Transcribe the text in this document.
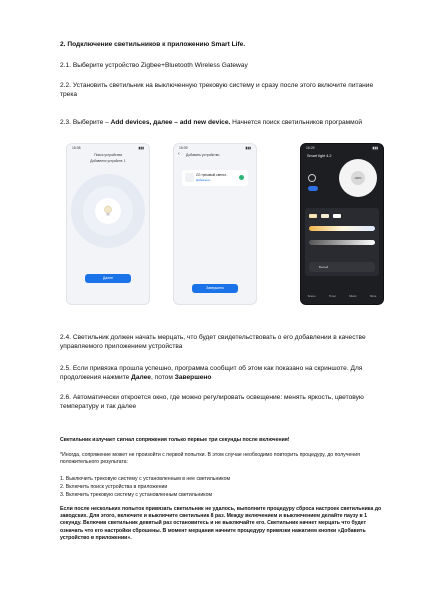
2. Подключение светильников к приложению Smart Life.

2.1. Выберите устройство Zigbee+Bluetooth Wireless Gateway

2.2. Установить светильник на выключенную трековую систему и сразу после этого включите питание трека

2.3. Выберите – Add devices, далее – add new device. Начнется поиск светильников программой

15:08	▮▮▮
Поиск устройства
Добавлено устройств: 1
Далее
15:09	▮▮▮
‹ Добавить устройство
ZG трековый светил..
Добавлено
Завершено
16:25	▮▮▮
Smart light 4.2
100%
Белый
Scene	Timer	Music	More

2.4. Светильник должен начать мерцать, что будет свидетельствовать о его добавлении в качестве управляемого приложением устройства

2.5. Если привязка прошла успешно, программа сообщит об этом как показано на скриншоте. Для продолжения нажмите Далее, потом Завершено

2.6. Автоматически откроется окно, где можно регулировать освещение: менять яркость, цветовую температуру и так далее

Светильник излучает сигнал сопряжения только первые три секунды после включения!

*Иногда, сопряжение может не произойти с первой попытки. В этом случае необходимо повторить процедуру, до получения положительного результата:

1. Выключить трековую систему с установленным в нее светильником

2. Включить поиск устройства в приложении

3. Включить трековую систему с установленным светильником

Если после нескольких попыток привязать светильник не удалось, выполните процедуру сброса настроек светильника до заводских. Для этого, включите и выключите светильник 8 раз. Между включением и выключением делайте паузу в 1 секунду. Включив светильник девятый раз остановитесь и не выключайте его. Светильник начнет мерцать что будет означать что его настройки сброшены. В момент мерцания начните процедуру привязки нажатием кнопки «Добавить устройство в приложении».
